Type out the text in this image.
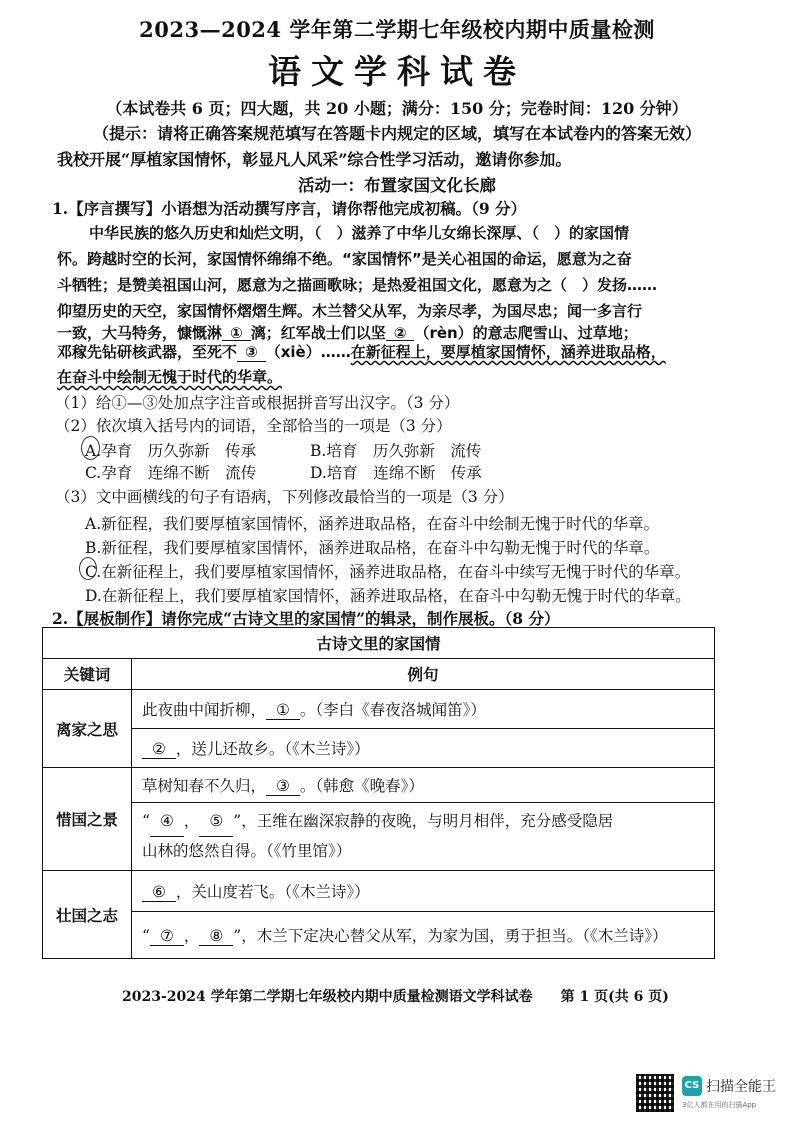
2023—2024 学年第二学期七年级校内期中质量检测
语文学科试卷
（本试卷共 6 页；四大题，共 20 小题；满分：150 分；完卷时间：120 分钟）
（提示：请将正确答案规范填写在答题卡内规定的区域，填写在本试卷内的答案无效）
我校开展“厚植家国情怀，彰显凡人风采”综合性学习活动，邀请你参加。
活动一：布置家国文化长廊
1.【序言撰写】小语想为活动撰写序言，请你帮他完成初稿。（9 分）
中华民族的悠久历史和灿烂文明，（　）滋养了中华儿女绵长深厚、（　）的家国情
怀。跨越时空的长河，家国情怀绵绵不绝。“家国情怀”是关心祖国的命运，愿意为之奋
斗牺牲；是赞美祖国山河，愿意为之描画歌咏；是热爱祖国文化，愿意为之（　）发扬……
仰望历史的天空，家国情怀熠熠生辉。木兰替父从军，为亲尽孝，为国尽忠；闻一多言行
一致，大马特务，慷慨淋 ① 漓；红军战士们以坚 ② （rèn）的意志爬雪山、过草地；
邓稼先钻研核武器，至死不 ③ （xiè）……在新征程上，要厚植家国情怀，涵养进取品格，
在奋斗中绘制无愧于时代的华章。
（1）给①—③处加点字注音或根据拼音写出汉字。（3 分）
（2）依次填入括号内的词语，全部恰当的一项是（3 分）
A.孕育　历久弥新　传承	B.培育　历久弥新　流传
C.孕育　连绵不断　流传	D.培育　连绵不断　传承
（3）文中画横线的句子有语病，下列修改最恰当的一项是（3 分）
A.新征程，我们要厚植家国情怀，涵养进取品格，在奋斗中绘制无愧于时代的华章。
B.新征程，我们要厚植家国情怀，涵养进取品格，在奋斗中勾勒无愧于时代的华章。
C.在新征程上，我们要厚植家国情怀，涵养进取品格，在奋斗中续写无愧于时代的华章。
D.在新征程上，我们要厚植家国情怀，涵养进取品格，在奋斗中勾勒无愧于时代的华章。
2.【展板制作】请你完成“古诗文里的家国情”的辑录，制作展板。（8 分）
古诗文里的家国情	
关键词	例句
离家之思	此夜曲中闻折柳， ① 。（李白《春夜洛城闻笛》）
	② ，送儿还故乡。（《木兰诗》）
惜国之景	草树知春不久归， ③ 。（韩愈《晚春》）

	“ ④ ， ⑤ ”，王维在幽深寂静的夜晚，与明月相伴，充分感受隐居
山林的悠然自得。（《竹里馆》）

壮国之志	⑥ ，关山度若飞。（《木兰诗》）
	“ ⑦ ， ⑧ ”，木兰下定决心替父从军，为家为国，勇于担当。（《木兰诗》）
2023-2024 学年第二学期七年级校内期中质量检测语文学科试卷　　第 1 页(共 6 页)
CS 扫描全能王
3亿人都在用的扫描App
